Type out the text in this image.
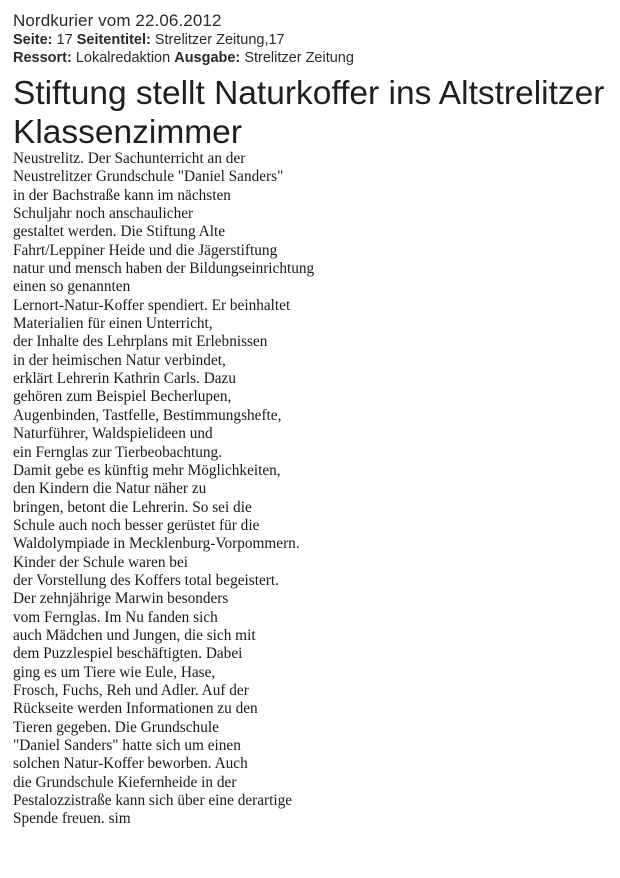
Nordkurier vom 22.06.2012
Seite: 17 Seitentitel: Strelitzer Zeitung,17
Ressort: Lokalredaktion Ausgabe: Strelitzer Zeitung
Stiftung stellt Naturkoffer ins Altstrelitzer
Klassenzimmer
Neustrelitz. Der Sachunterricht an der
Neustrelitzer Grundschule "Daniel Sanders"
in der Bachstraße kann im nächsten
Schuljahr noch anschaulicher
gestaltet werden. Die Stiftung Alte
Fahrt/Leppiner Heide und die Jägerstiftung
natur und mensch haben der Bildungseinrichtung
einen so genannten
Lernort-Natur-Koffer spendiert. Er beinhaltet
Materialien für einen Unterricht,
der Inhalte des Lehrplans mit Erlebnissen
in der heimischen Natur verbindet,
erklärt Lehrerin Kathrin Carls. Dazu
gehören zum Beispiel Becherlupen,
Augenbinden, Tastfelle, Bestimmungshefte,
Naturführer, Waldspielideen und
ein Fernglas zur Tierbeobachtung.
Damit gebe es künftig mehr Möglichkeiten,
den Kindern die Natur näher zu
bringen, betont die Lehrerin. So sei die
Schule auch noch besser gerüstet für die
Waldolympiade in Mecklenburg-Vorpommern.
Kinder der Schule waren bei
der Vorstellung des Koffers total begeistert.
Der zehnjährige Marwin besonders
vom Fernglas. Im Nu fanden sich
auch Mädchen und Jungen, die sich mit
dem Puzzlespiel beschäftigten. Dabei
ging es um Tiere wie Eule, Hase,
Frosch, Fuchs, Reh und Adler. Auf der
Rückseite werden Informationen zu den
Tieren gegeben. Die Grundschule
"Daniel Sanders" hatte sich um einen
solchen Natur-Koffer beworben. Auch
die Grundschule Kiefernheide in der
Pestalozzistraße kann sich über eine derartige
Spende freuen. sim
